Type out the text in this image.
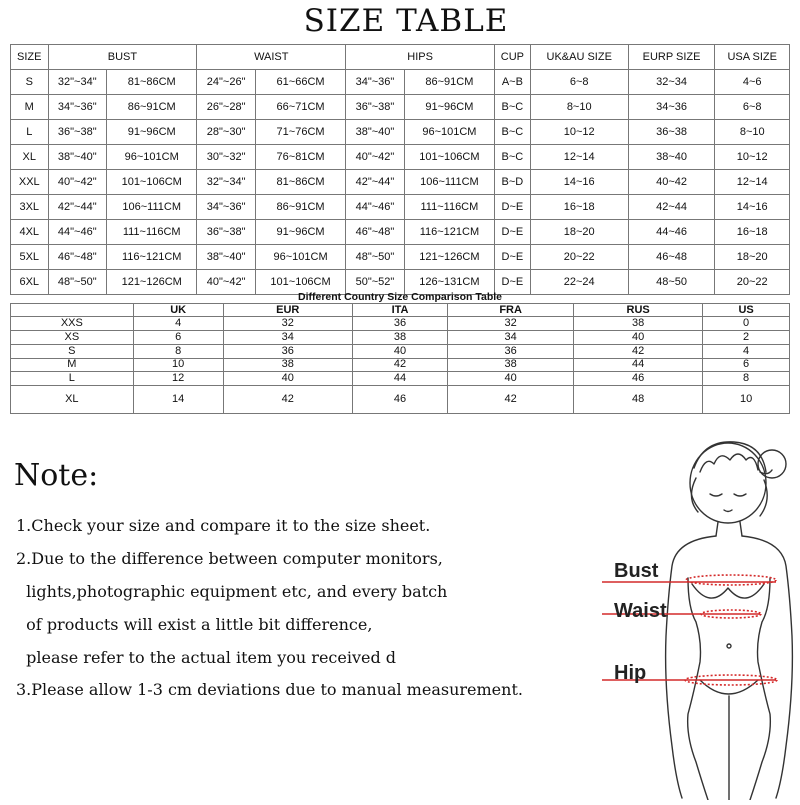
SIZE TABLE
SIZE	BUST		WAIST		HIPS		CUP	UK&AU SIZE	EURP SIZE	USA SIZE
S	32"~34"	81~86CM	24"~26"	61~66CM	34"~36"	86~91CM	A~B	6~8	32~34	4~6
M	34"~36"	86~91CM	26"~28"	66~71CM	36"~38"	91~96CM	B~C	8~10	34~36	6~8
L	36"~38"	91~96CM	28"~30"	71~76CM	38"~40"	96~101CM	B~C	10~12	36~38	8~10
XL	38"~40"	96~101CM	30"~32"	76~81CM	40"~42"	101~106CM	B~C	12~14	38~40	10~12
XXL	40"~42"	101~106CM	32"~34"	81~86CM	42"~44"	106~111CM	B~D	14~16	40~42	12~14
3XL	42"~44"	106~111CM	34"~36"	86~91CM	44"~46"	111~116CM	D~E	16~18	42~44	14~16
4XL	44"~46"	111~116CM	36"~38"	91~96CM	46"~48"	116~121CM	D~E	18~20	44~46	16~18
5XL	46"~48"	116~121CM	38"~40"	96~101CM	48"~50"	121~126CM	D~E	20~22	46~48	18~20
6XL	48"~50"	121~126CM	40"~42"	101~106CM	50"~52"	126~131CM	D~E	22~24	48~50	20~22
Different Country Size Comparison Table
	UK	EUR	ITA	FRA	RUS	US
XXS	4	32	36	32	38	0
XS	6	34	38	34	40	2
S	8	36	40	36	42	4
M	10	38	42	38	44	6
L	12	40	44	40	46	8
XL	14	42	46	42	48	10
Note:
1.Check your size and compare it to the size sheet.
2.Due to the difference between computer monitors,
lights,photographic equipment etc, and every batch
of products will exist a little bit difference,
please refer to the actual item you received d
3.Please allow 1-3 cm deviations due to manual measurement.
Bust
Waist
Hip
